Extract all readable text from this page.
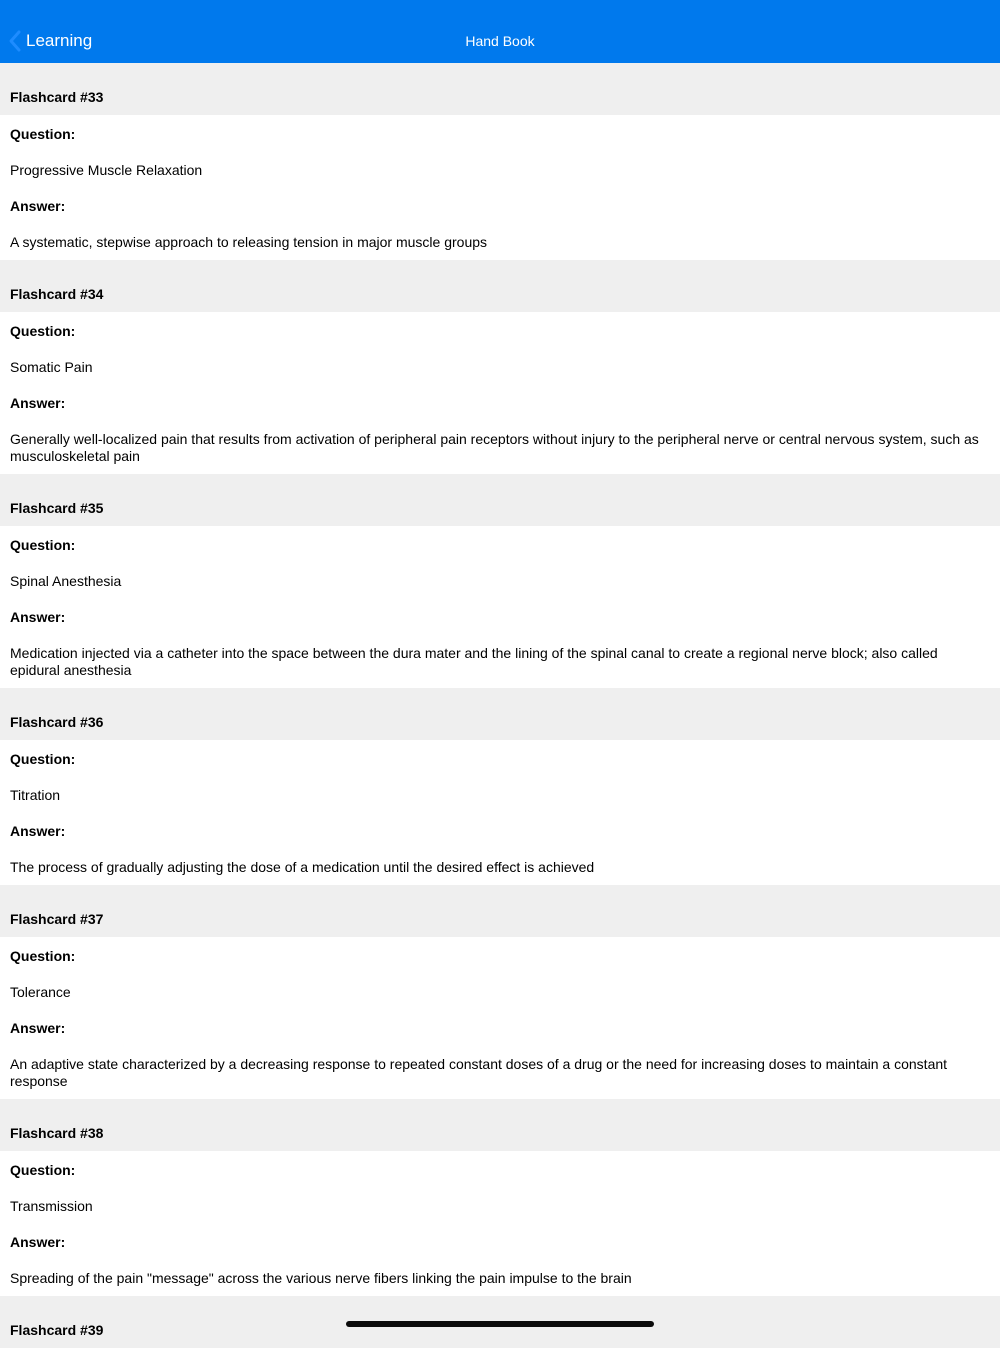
Learning	Hand Book
Flashcard #33
Question:
Progressive Muscle Relaxation
Answer:
A systematic, stepwise approach to releasing tension in major muscle groups
Flashcard #34
Question:
Somatic Pain
Answer:
Generally well-localized pain that results from activation of peripheral pain receptors without injury to the peripheral nerve or central nervous system, such as musculoskeletal pain
Flashcard #35
Question:
Spinal Anesthesia
Answer:
Medication injected via a catheter into the space between the dura mater and the lining of the spinal canal to create a regional nerve block; also called epidural anesthesia
Flashcard #36
Question:
Titration
Answer:
The process of gradually adjusting the dose of a medication until the desired effect is achieved
Flashcard #37
Question:
Tolerance
Answer:
An adaptive state characterized by a decreasing response to repeated constant doses of a drug or the need for increasing doses to maintain a constant response
Flashcard #38
Question:
Transmission
Answer:
Spreading of the pain "message" across the various nerve fibers linking the pain impulse to the brain
Flashcard #39
